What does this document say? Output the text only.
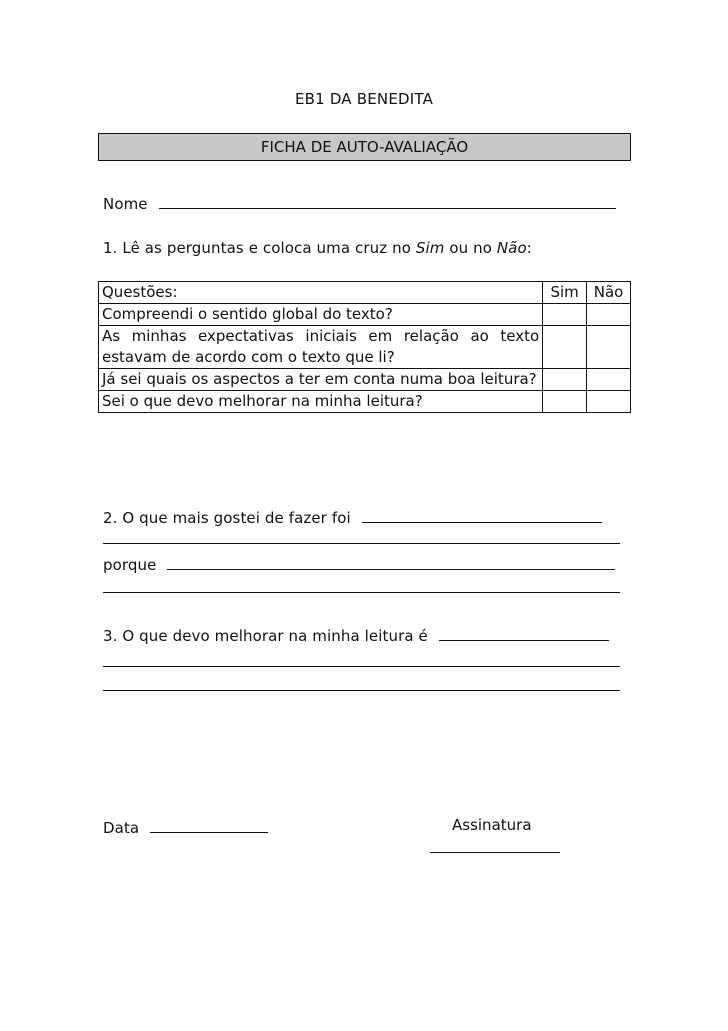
EB1 DA BENEDITA
FICHA DE AUTO-AVALIAÇÃO
Nome
1. Lê as perguntas e coloca uma cruz no Sim ou no Não:
Questões:	Sim	Não
Compreendi o sentido global do texto?		
As minhas expectativas iniciais em relação ao texto estavam de acordo com o texto que li?		
Já sei quais os aspectos a ter em conta numa boa leitura?		
Sei o que devo melhorar na minha leitura?		
2. O que mais gostei de fazer foi
porque
3. O que devo melhorar na minha leitura é
Data	Assinatura
